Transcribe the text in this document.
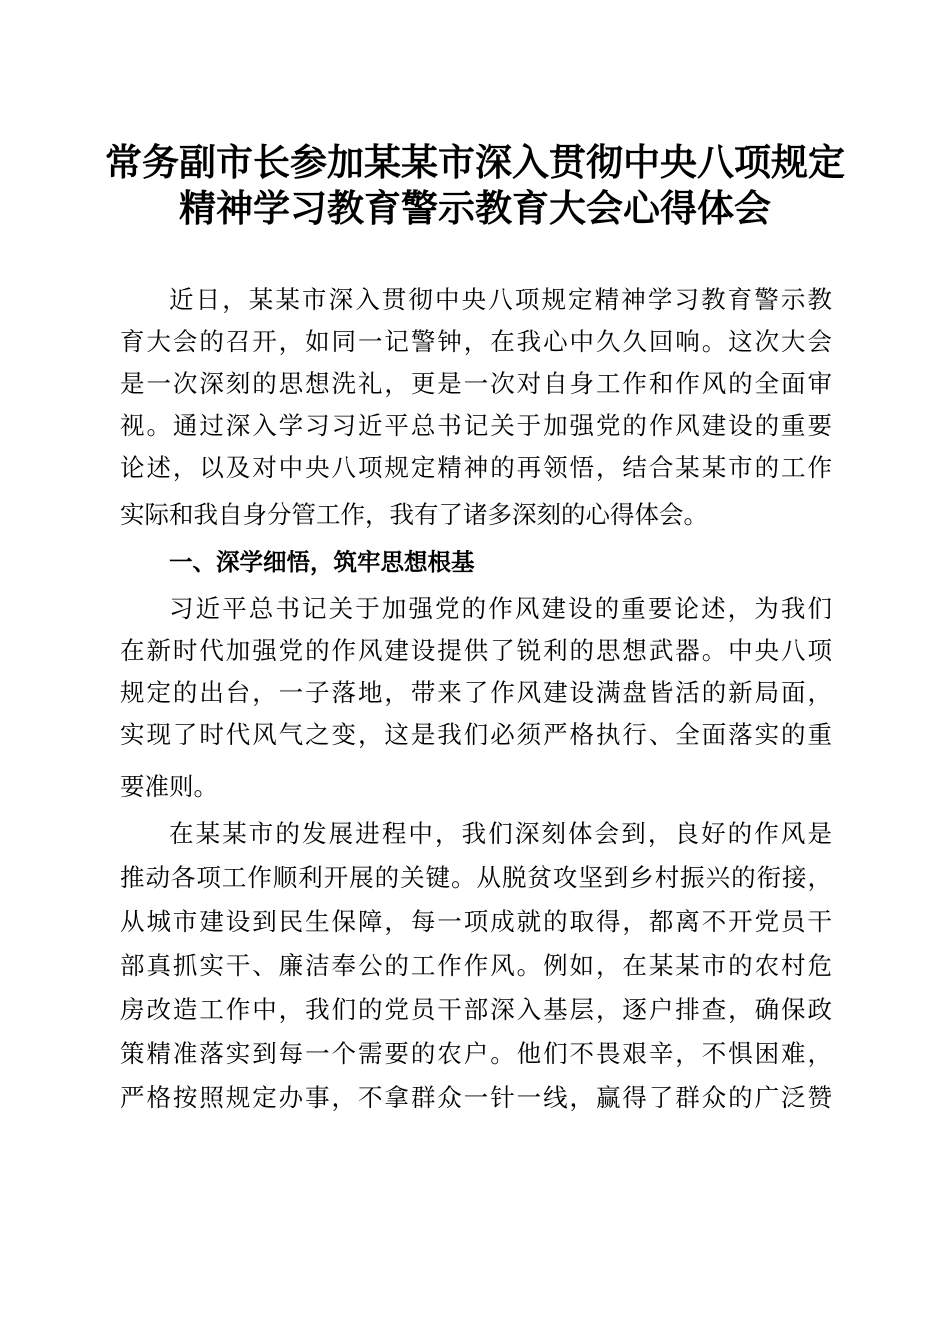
常务副市长参加某某市深入贯彻中央八项规定
精神学习教育警示教育大会心得体会
近日，某某市深入贯彻中央八项规定精神学习教育警示教
育大会的召开，如同一记警钟，在我心中久久回响。这次大会
是一次深刻的思想洗礼，更是一次对自身工作和作风的全面审
视。通过深入学习习近平总书记关于加强党的作风建设的重要
论述，以及对中央八项规定精神的再领悟，结合某某市的工作
实际和我自身分管工作，我有了诸多深刻的心得体会。
一、深学细悟，筑牢思想根基
习近平总书记关于加强党的作风建设的重要论述，为我们
在新时代加强党的作风建设提供了锐利的思想武器。中央八项
规定的出台，一子落地，带来了作风建设满盘皆活的新局面，
实现了时代风气之变，这是我们必须严格执行、全面落实的重
要准则。
在某某市的发展进程中，我们深刻体会到，良好的作风是
推动各项工作顺利开展的关键。从脱贫攻坚到乡村振兴的衔接，
从城市建设到民生保障，每一项成就的取得，都离不开党员干
部真抓实干、廉洁奉公的工作作风。例如，在某某市的农村危
房改造工作中，我们的党员干部深入基层，逐户排查，确保政
策精准落实到每一个需要的农户。他们不畏艰辛，不惧困难，
严格按照规定办事，不拿群众一针一线，赢得了群众的广泛赞
